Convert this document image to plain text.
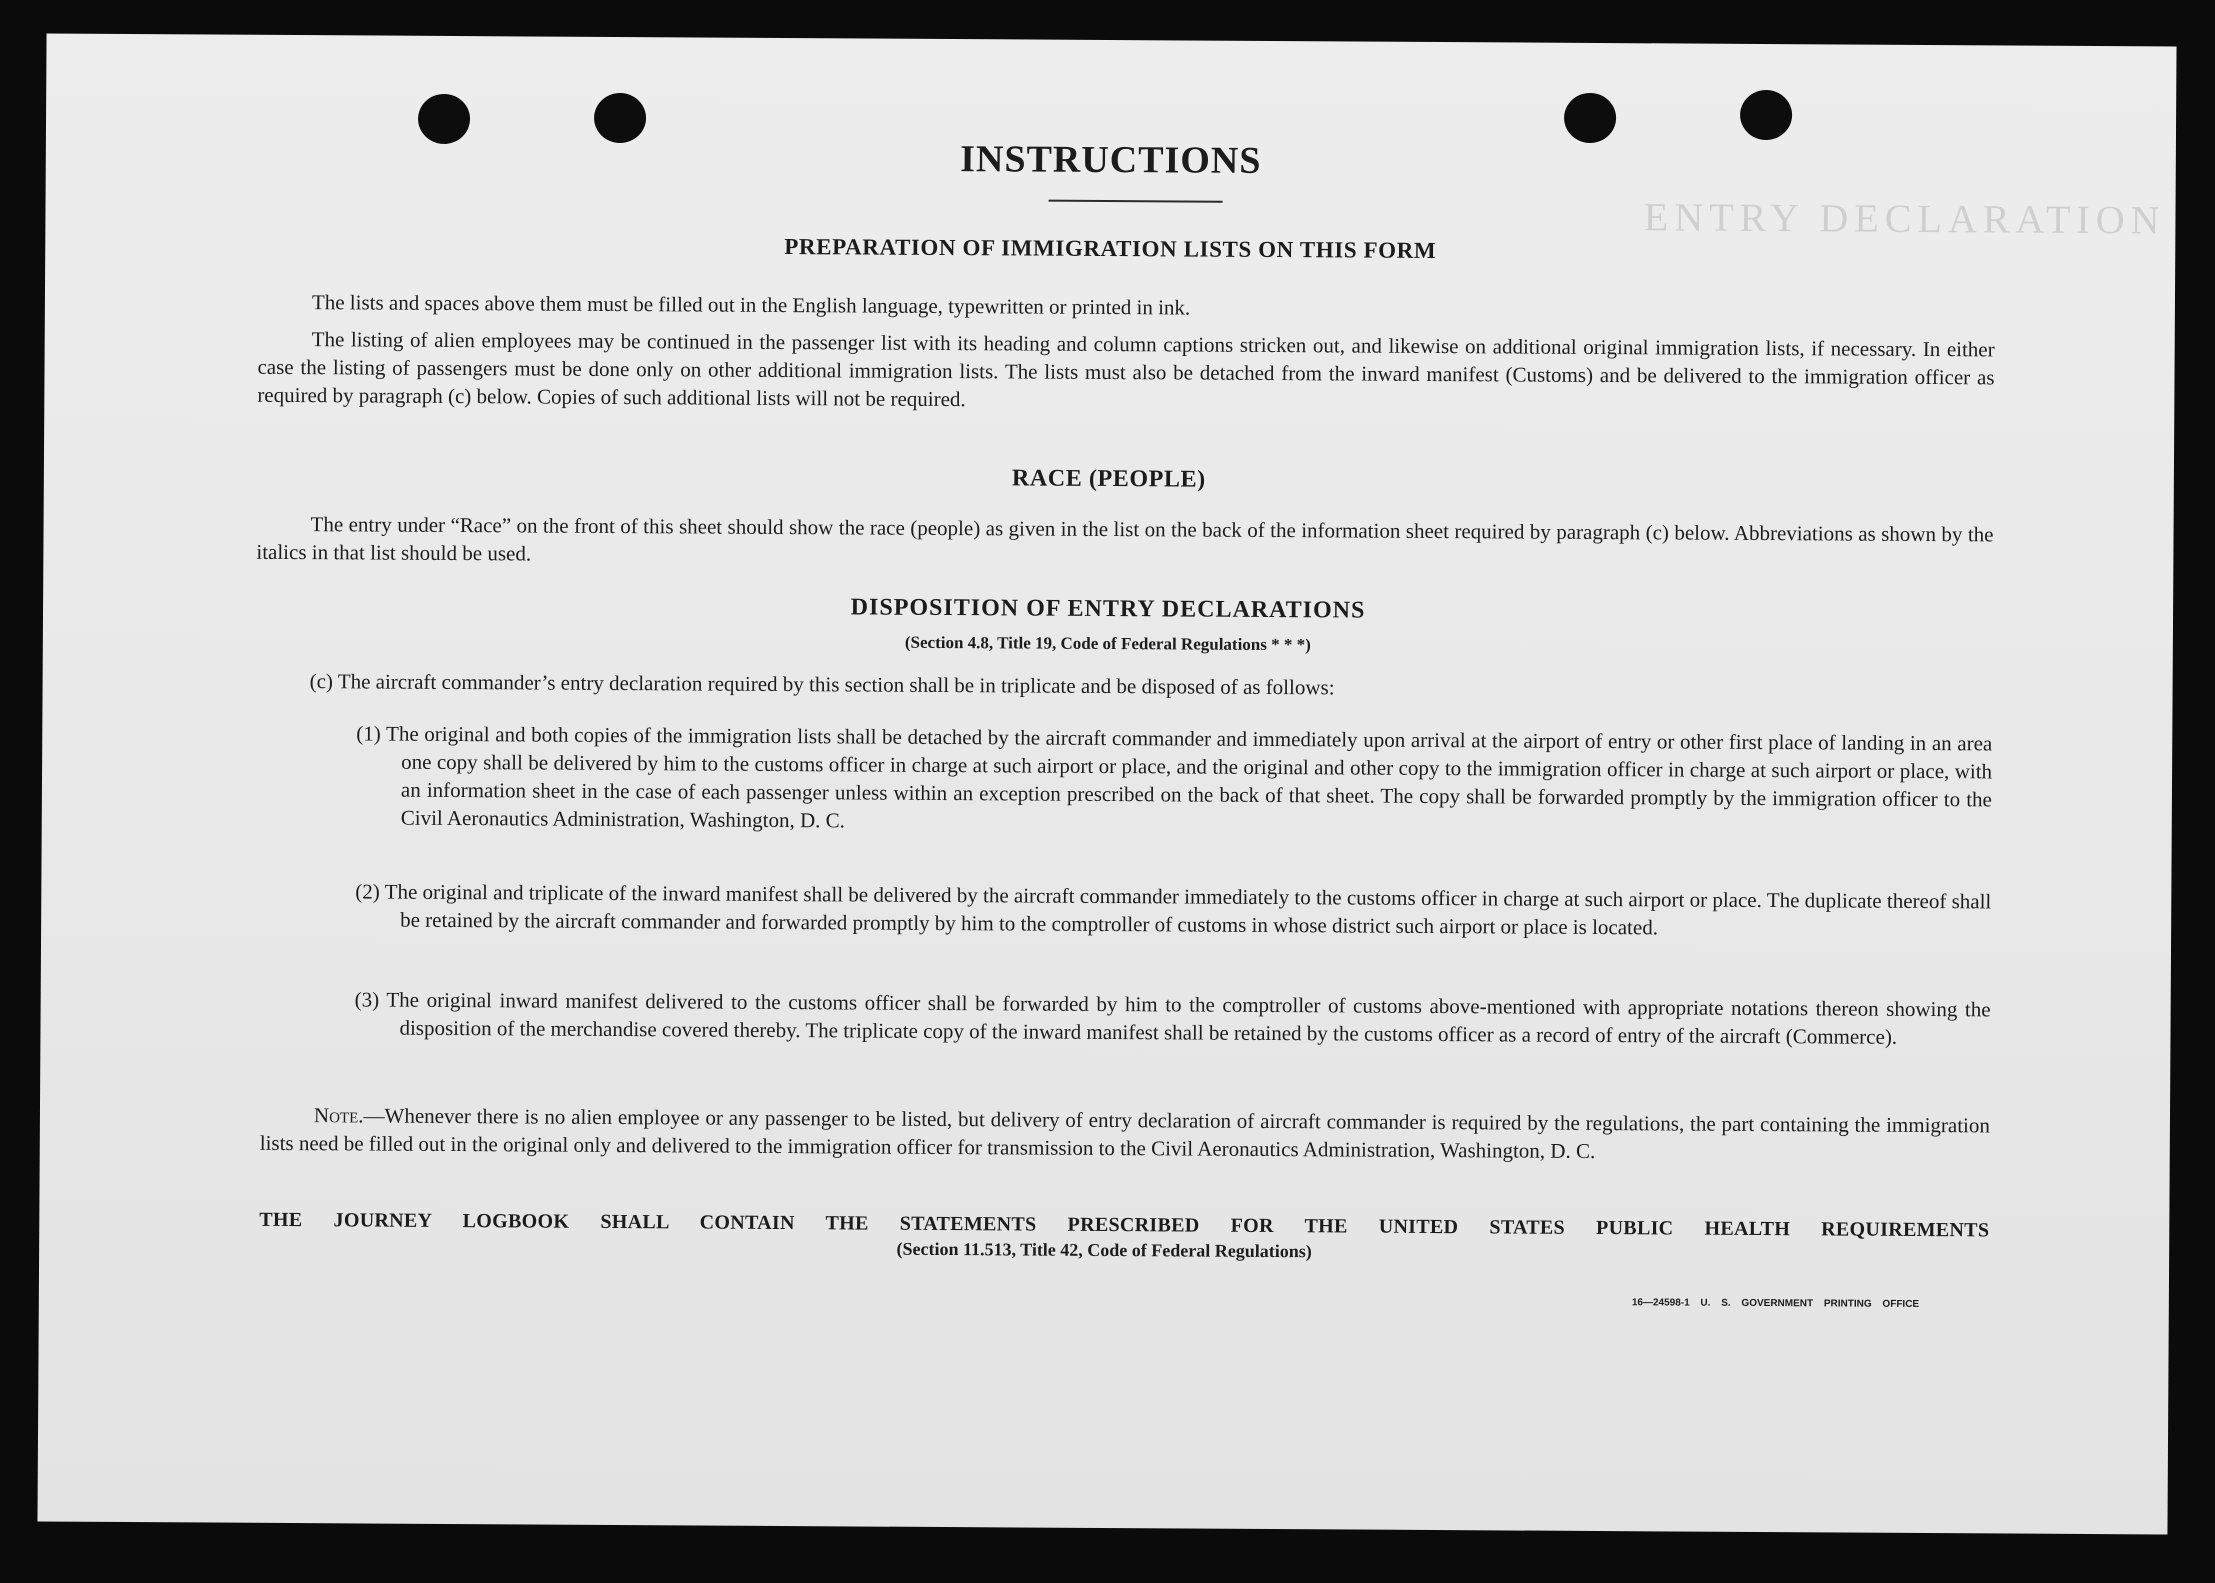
ENTRY DECLARATION
INSTRUCTIONS
PREPARATION OF IMMIGRATION LISTS ON THIS FORM
The lists and spaces above them must be filled out in the English language, typewritten or printed in ink.
The listing of alien employees may be continued in the passenger list with its heading and column captions stricken out, and likewise on additional original immigration lists, if necessary. In either case the listing of passengers must be done only on other additional immigration lists. The lists must also be detached from the inward manifest (Customs) and be delivered to the immigration officer as required by paragraph (c) below. Copies of such additional lists will not be required.
RACE (PEOPLE)
The entry under “Race” on the front of this sheet should show the race (people) as given in the list on the back of the information sheet required by paragraph (c) below. Abbreviations as shown by the italics in that list should be used.
DISPOSITION OF ENTRY DECLARATIONS
(Section 4.8, Title 19, Code of Federal Regulations * * *)
(c) The aircraft commander’s entry declaration required by this section shall be in triplicate and be disposed of as follows:
(1) The original and both copies of the immigration lists shall be detached by the aircraft commander and immediately upon arrival at the airport of entry or other first place of landing in an area one copy shall be delivered by him to the customs officer in charge at such airport or place, and the original and other copy to the immigration officer in charge at such airport or place, with an information sheet in the case of each passenger unless within an exception prescribed on the back of that sheet. The copy shall be forwarded promptly by the immigration officer to the Civil Aeronautics Administration, Washington, D. C.
(2) The original and triplicate of the inward manifest shall be delivered by the aircraft commander immediately to the customs officer in charge at such airport or place. The duplicate thereof shall be retained by the aircraft commander and forwarded promptly by him to the comptroller of customs in whose district such airport or place is located.
(3) The original inward manifest delivered to the customs officer shall be forwarded by him to the comptroller of customs above-mentioned with appropriate notations thereon showing the disposition of the merchandise covered thereby. The triplicate copy of the inward manifest shall be retained by the customs officer as a record of entry of the aircraft (Commerce).
Note.—Whenever there is no alien employee or any passenger to be listed, but delivery of entry declaration of aircraft commander is required by the regulations, the part containing the immigration lists need be filled out in the original only and delivered to the immigration officer for transmission to the Civil Aeronautics Administration, Washington, D. C.
THE JOURNEY LOGBOOK SHALL CONTAIN THE STATEMENTS PRESCRIBED FOR THE UNITED STATES PUBLIC HEALTH REQUIREMENTS
(Section 11.513, Title 42, Code of Federal Regulations)
16—24598-1 U. S. GOVERNMENT PRINTING OFFICE
